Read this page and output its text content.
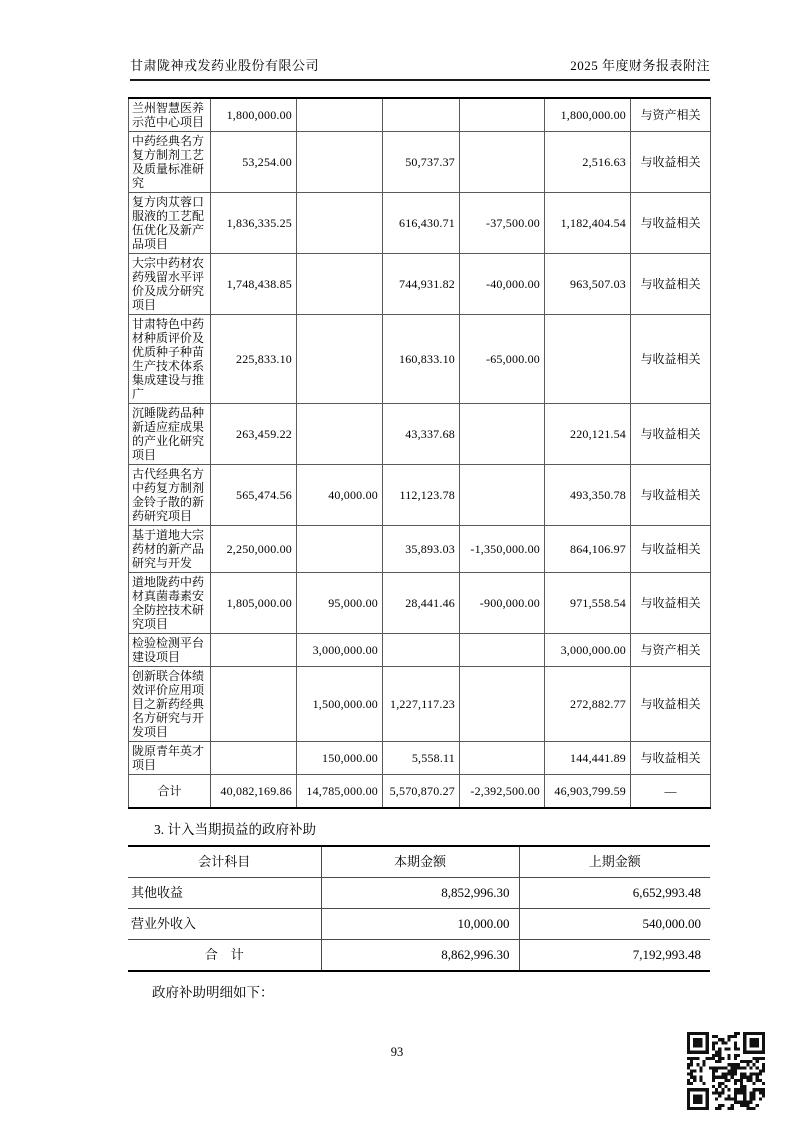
甘肃陇神戎发药业股份有限公司	2025 年度财务报表附注
兰州智慧医养示范中心项目	1,800,000.00				1,800,000.00	与资产相关
中药经典名方复方制剂工艺及质量标准研究	53,254.00		50,737.37		2,516.63	与收益相关
复方肉苁蓉口服液的工艺配伍优化及新产品项目	1,836,335.25		616,430.71	-37,500.00	1,182,404.54	与收益相关
大宗中药材农药残留水平评价及成分研究项目	1,748,438.85		744,931.82	-40,000.00	963,507.03	与收益相关
甘肃特色中药材种质评价及优质种子种苗生产技术体系集成建设与推广	225,833.10		160,833.10	-65,000.00		与收益相关
沉睡陇药品种新适应症成果的产业化研究项目	263,459.22		43,337.68		220,121.54	与收益相关
古代经典名方中药复方制剂金铃子散的新药研究项目	565,474.56	40,000.00	112,123.78		493,350.78	与收益相关
基于道地大宗药材的新产品研究与开发	2,250,000.00		35,893.03	-1,350,000.00	864,106.97	与收益相关
道地陇药中药材真菌毒素安全防控技术研究项目	1,805,000.00	95,000.00	28,441.46	-900,000.00	971,558.54	与收益相关
检验检测平台建设项目		3,000,000.00			3,000,000.00	与资产相关
创新联合体绩效评价应用项目之新药经典名方研究与开发项目		1,500,000.00	1,227,117.23		272,882.77	与收益相关
陇原青年英才项目		150,000.00	5,558.11		144,441.89	与收益相关
合计	40,082,169.86	14,785,000.00	5,570,870.27	-2,392,500.00	46,903,799.59	—
3. 计入当期损益的政府补助
会计科目	本期金额	上期金额
其他收益	8,852,996.30	6,652,993.48
营业外收入	10,000.00	540,000.00
合　计	8,862,996.30	7,192,993.48
政府补助明细如下：
93
